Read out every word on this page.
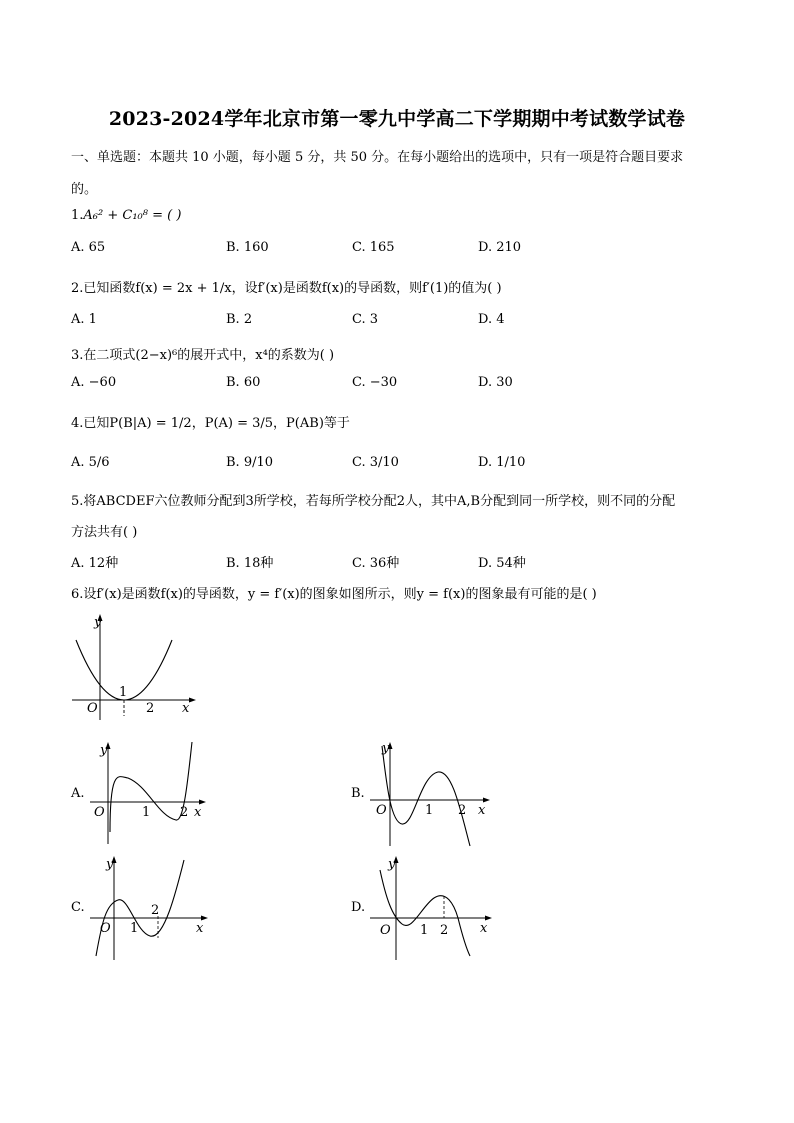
2023-2024学年北京市第一零九中学高二下学期期中考试数学试卷
一、单选题：本题共 10 小题，每小题 5 分，共 50 分。在每小题给出的选项中，只有一项是符合题目要求
的。
1.A₆² + C₁₀⁸ = ( )
A. 65	B. 160	C. 165	D. 210
2.已知函数f(x) = 2x + 1/x，设f′(x)是函数f(x)的导函数，则f′(1)的值为( )
A. 1	B. 2	C. 3	D. 4
3.在二项式(2−x)⁶的展开式中，x⁴的系数为( )
A. −60	B. 60	C. −30	D. 30
4.已知P(B|A) = 1/2，P(A) = 3/5，P(AB)等于
A. 5/6	B. 9/10	C. 3/10	D. 1/10
5.将ABCDEF六位教师分配到3所学校，若每所学校分配2人，其中A,B分配到同一所学校，则不同的分配
方法共有( )
A. 12种	B. 18种	C. 36种	D. 54种
6.设f′(x)是函数f(x)的导函数，y = f′(x)的图象如图所示，则y = f(x)的图象最有可能的是( )
y
x
O
1
2
A.
y
x
O	1 2
B.
y
x
O	1 2
C.
y
x
O 1
2	D.
y
x
O 1 2
